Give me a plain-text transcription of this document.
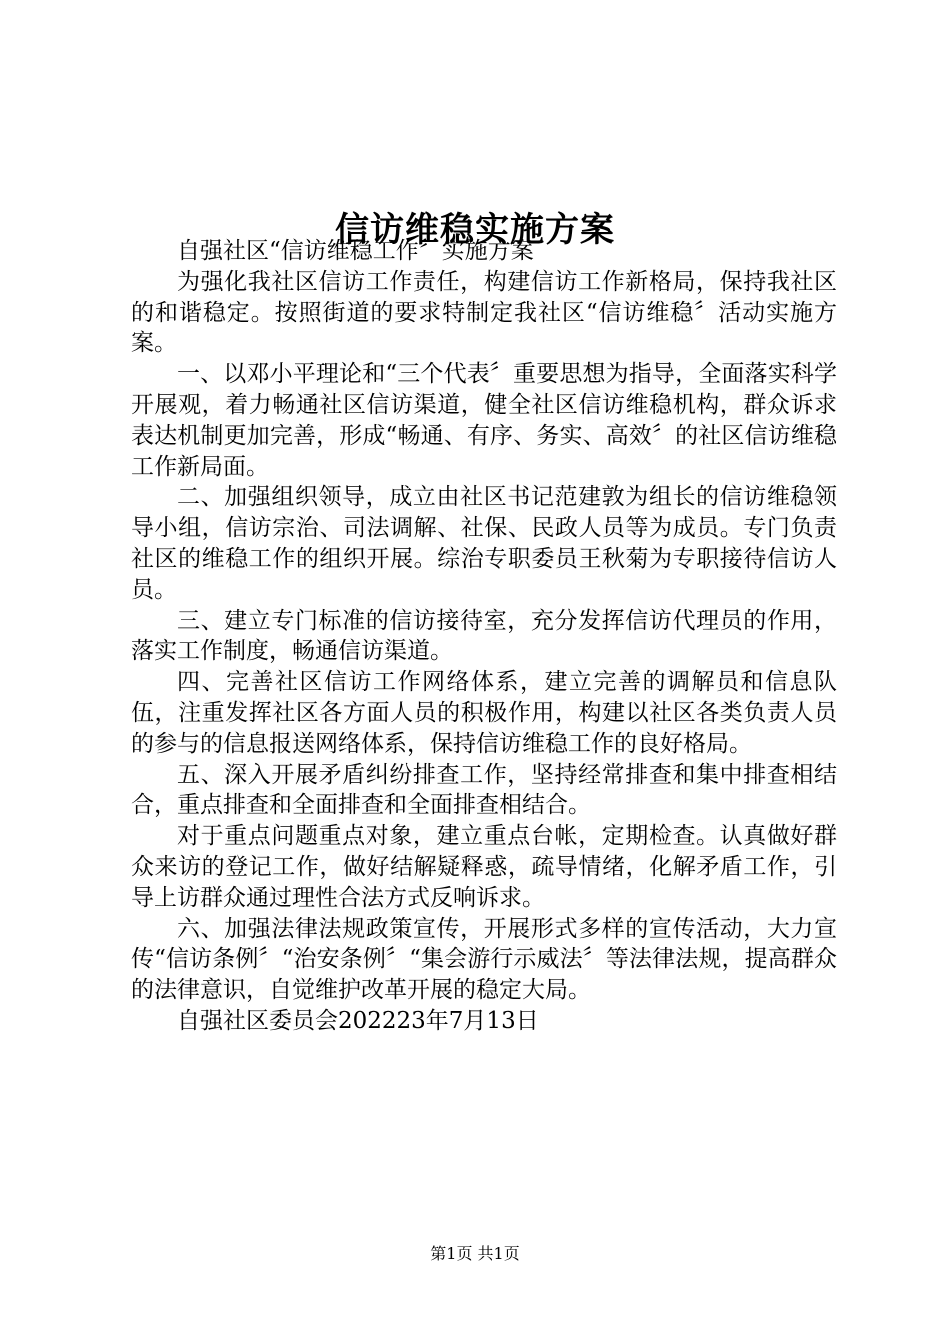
信访维稳实施方案

自强社区“信访维稳工作〞实施方案

为强化我社区信访工作责任，构建信访工作新格局，保持我社区的和谐稳定。按照街道的要求特制定我社区“信访维稳〞活动实施方案。

一、以邓小平理论和“三个代表〞重要思想为指导，全面落实科学开展观，着力畅通社区信访渠道，健全社区信访维稳机构，群众诉求表达机制更加完善，形成“畅通、有序、务实、高效〞的社区信访维稳工作新局面。

二、加强组织领导，成立由社区书记范建敦为组长的信访维稳领导小组，信访宗治、司法调解、社保、民政人员等为成员。专门负责社区的维稳工作的组织开展。综治专职委员王秋菊为专职接待信访人员。

三、建立专门标准的信访接待室，充分发挥信访代理员的作用，落实工作制度，畅通信访渠道。

四、完善社区信访工作网络体系，建立完善的调解员和信息队伍，注重发挥社区各方面人员的积极作用，构建以社区各类负责人员的参与的信息报送网络体系，保持信访维稳工作的良好格局。

五、深入开展矛盾纠纷排查工作，坚持经常排查和集中排查相结合，重点排查和全面排查和全面排查相结合。

对于重点问题重点对象，建立重点台帐，定期检查。认真做好群众来访的登记工作，做好结解疑释惑，疏导情绪，化解矛盾工作，引导上访群众通过理性合法方式反响诉求。

六、加强法律法规政策宣传，开展形式多样的宣传活动，大力宣传“信访条例〞“治安条例〞“集会游行示威法〞等法律法规，提高群众的法律意识，自觉维护改革开展的稳定大局。

自强社区委员会202223年7月13日

第1页 共1页
